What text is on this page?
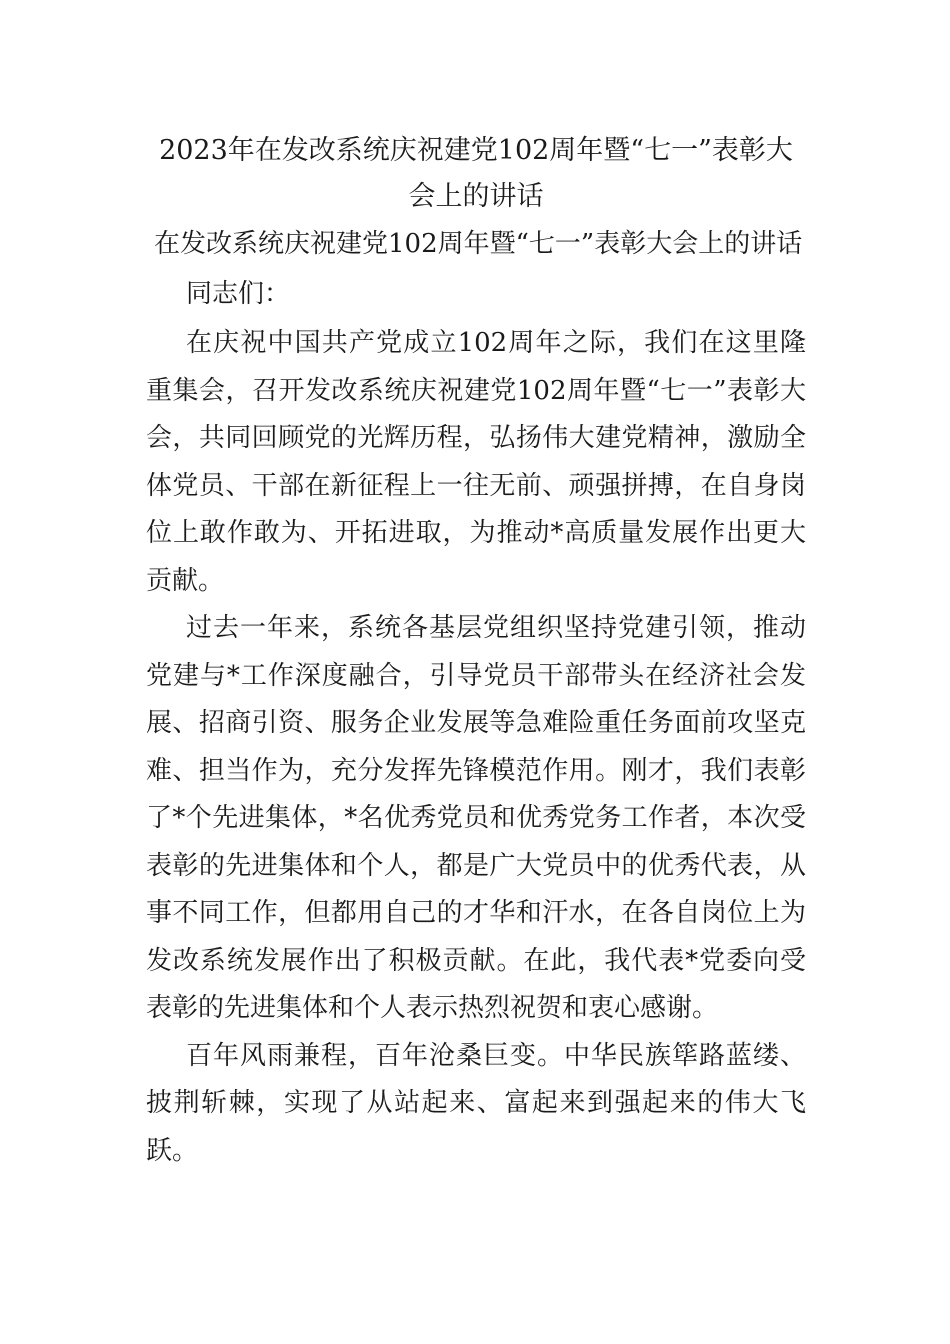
2023年在发改系统庆祝建党102周年暨“七一”表彰大会上的讲话

在发改系统庆祝建党102周年暨“七一”表彰大会上的讲话

同志们：

在庆祝中国共产党成立102周年之际，我们在这里隆重集会，召开发改系统庆祝建党102周年暨“七一”表彰大会，共同回顾党的光辉历程，弘扬伟大建党精神，激励全体党员、干部在新征程上一往无前、顽强拼搏，在自身岗位上敢作敢为、开拓进取，为推动*高质量发展作出更大贡献。

过去一年来，系统各基层党组织坚持党建引领，推动党建与*工作深度融合，引导党员干部带头在经济社会发展、招商引资、服务企业发展等急难险重任务面前攻坚克难、担当作为，充分发挥先锋模范作用。刚才，我们表彰了*个先进集体，*名优秀党员和优秀党务工作者，本次受表彰的先进集体和个人，都是广大党员中的优秀代表，从事不同工作，但都用自己的才华和汗水，在各自岗位上为发改系统发展作出了积极贡献。在此，我代表*党委向受表彰的先进集体和个人表示热烈祝贺和衷心感谢。

百年风雨兼程，百年沧桑巨变。中华民族筚路蓝缕、披荆斩棘，实现了从站起来、富起来到强起来的伟大飞跃。
